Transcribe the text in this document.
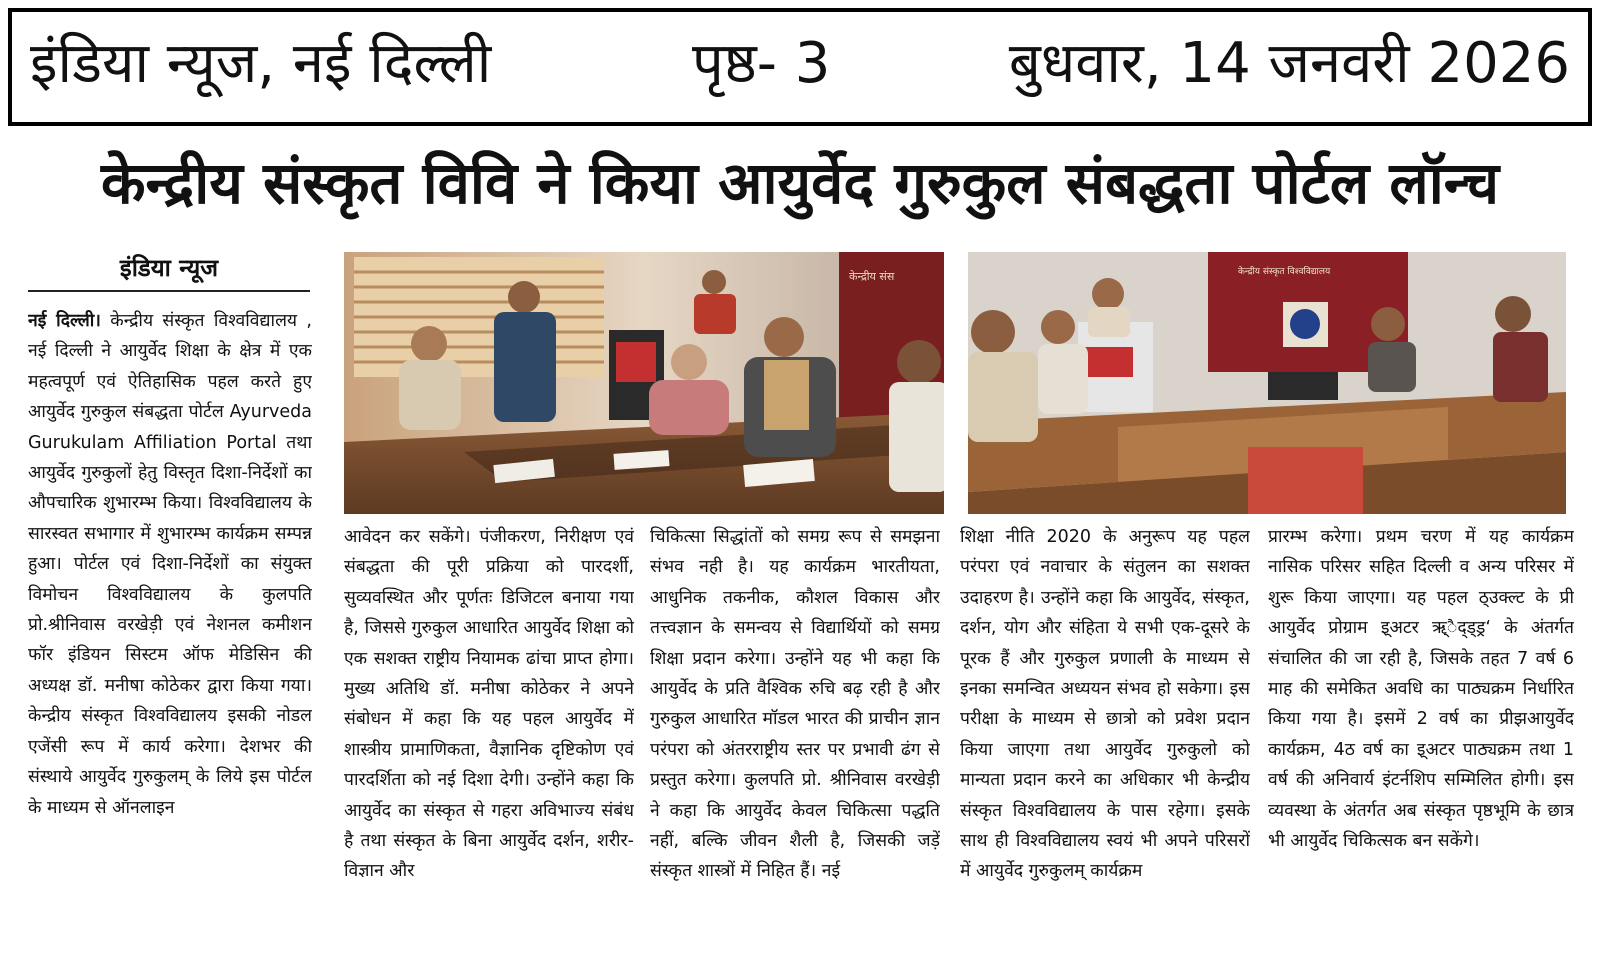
इंडिया न्यूज, नई दिल्ली	पृष्ठ- 3	बुधवार, 14 जनवरी 2026
केन्द्रीय संस्कृत विवि ने किया आयुर्वेद गुरुकुल संबद्धता पोर्टल लॉन्च
इंडिया न्यूज
नई दिल्ली। केन्द्रीय संस्कृत विश्वविद्यालय , नई दिल्ली ने आयुर्वेद शिक्षा के क्षेत्र में एक महत्वपूर्ण एवं ऐतिहासिक पहल करते हुए आयुर्वेद गुरुकुल संबद्धता पोर्टल Ayurveda Gurukulam Affiliation Portal तथा आयुर्वेद गुरुकुलों हेतु विस्तृत दिशा-निर्देशों का औपचारिक शुभारम्भ किया। विश्वविद्यालय के सारस्वत सभागार में शुभारम्भ कार्यक्रम सम्पन्न हुआ। पोर्टल एवं दिशा-निर्देशों का संयुक्त विमोचन विश्वविद्यालय के कुलपति प्रो.श्रीनिवास वरखेड़ी एवं नेशनल कमीशन फॉर इंडियन सिस्टम ऑफ मेडिसिन की अध्यक्ष डॉ. मनीषा कोठेकर द्वारा किया गया। केन्द्रीय संस्कृत विश्वविद्यालय इसकी नोडल एजेंसी रूप में कार्य करेगा। देशभर की संस्थाये आयुर्वेद गुरुकुलम् के लिये इस पोर्टल के माध्यम से ऑनलाइन
केन्द्रीय संस	केन्द्रीय संस्कृत विश्वविद्यालय
आवेदन कर सकेंगे। पंजीकरण, निरीक्षण एवं संबद्धता की पूरी प्रक्रिया को पारदर्शी, सुव्यवस्थित और पूर्णतः डिजिटल बनाया गया है, जिससे गुरुकुल आधारित आयुर्वेद शिक्षा को एक सशक्त राष्ट्रीय नियामक ढांचा प्राप्त होगा। मुख्य अतिथि डॉ. मनीषा कोठेकर ने अपने संबोधन में कहा कि यह पहल आयुर्वेद में शास्त्रीय प्रामाणिकता, वैज्ञानिक दृष्टिकोण एवं पारदर्शिता को नई दिशा देगी। उन्होंने कहा कि आयुर्वेद का संस्कृत से गहरा अविभाज्य संबंध है तथा संस्कृत के बिना आयुर्वेद दर्शन, शरीर-विज्ञान और
चिकित्सा सिद्धांतों को समग्र रूप से समझना संभव नही है। यह कार्यक्रम भारतीयता, आधुनिक तकनीक, कौशल विकास और तत्त्वज्ञान के समन्वय से विद्यार्थियों को समग्र शिक्षा प्रदान करेगा। उन्होंने यह भी कहा कि आयुर्वेद के प्रति वैश्विक रुचि बढ़ रही है और गुरुकुल आधारित मॉडल भारत की प्राचीन ज्ञान परंपरा को अंतरराष्ट्रीय स्तर पर प्रभावी ढंग से प्रस्तुत करेगा। कुलपति प्रो. श्रीनिवास वरखेड़ी ने कहा कि आयुर्वेद केवल चिकित्सा पद्धति नहीं, बल्कि जीवन शैली है, जिसकी जड़ें संस्कृत शास्त्रों में निहित हैं। नई
शिक्षा नीति 2020 के अनुरूप यह पहल परंपरा एवं नवाचार के संतुलन का सशक्त उदाहरण है। उन्होंने कहा कि आयुर्वेद, संस्कृत, दर्शन, योग और संहिता ये सभी एक-दूसरे के पूरक हैं और गुरुकुल प्रणाली के माध्यम से इनका समन्वित अध्ययन संभव हो सकेगा। इस परीक्षा के माध्यम से छात्रो को प्रवेश प्रदान किया जाएगा तथा आयुर्वेद गुरुकुलो को मान्यता प्रदान करने का अधिकार भी केन्द्रीय संस्कृत विश्वविद्यालय के पास रहेगा। इसके साथ ही विश्वविद्यालय स्वयं भी अपने परिसरों में आयुर्वेद गुरुकुलम् कार्यक्रम
प्रारम्भ करेगा। प्रथम चरण में यह कार्यक्रम नासिक परिसर सहित दिल्ली व अन्य परिसर में शुरू किया जाएगा। यह पहल ठ्उक्ल्ट के प्री आयुर्वेद प्रोग्राम इ्अटर ऋ्ैद्ड्ड्र‘ के अंतर्गत संचालित की जा रही है, जिसके तहत 7 वर्ष 6 माह की समेकित अवधि का पाठ्यक्रम निर्धारित किया गया है। इसमें 2 वर्ष का प्रीझआयुर्वेद कार्यक्रम, 4ठ वर्ष का इ्अटर पाठ्यक्रम तथा 1 वर्ष की अनिवार्य इंटर्नशिप सम्मिलित होगी। इस व्यवस्था के अंतर्गत अब संस्कृत पृष्ठभूमि के छात्र भी आयुर्वेद चिकित्सक बन सकेंगे।
